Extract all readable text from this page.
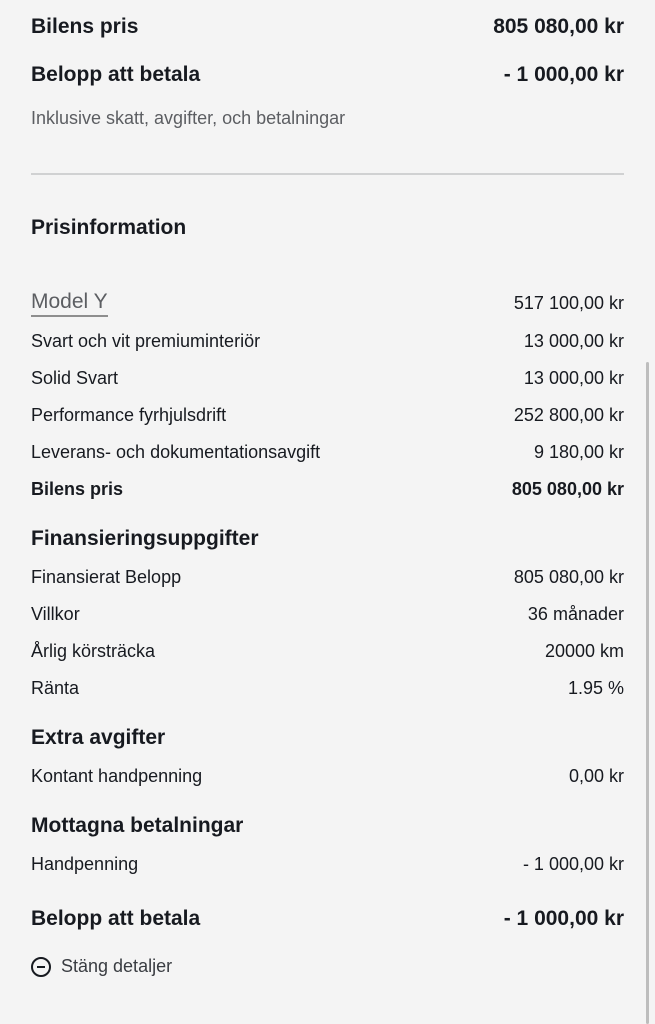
Bilens pris	805 080,00 kr
Belopp att betala	- 1 000,00 kr
Inklusive skatt, avgifter, och betalningar
Prisinformation
Model Y	517 100,00 kr
Svart och vit premiuminteriör	13 000,00 kr
Solid Svart	13 000,00 kr
Performance fyrhjulsdrift	252 800,00 kr
Leverans- och dokumentationsavgift	9 180,00 kr
Bilens pris	805 080,00 kr
Finansieringsuppgifter
Finansierat Belopp	805 080,00 kr
Villkor	36 månader
Årlig körsträcka	20000 km
Ränta	1.95 %
Extra avgifter
Kontant handpenning	0,00 kr
Mottagna betalningar
Handpenning	- 1 000,00 kr
Belopp att betala	- 1 000,00 kr
Stäng detaljer
